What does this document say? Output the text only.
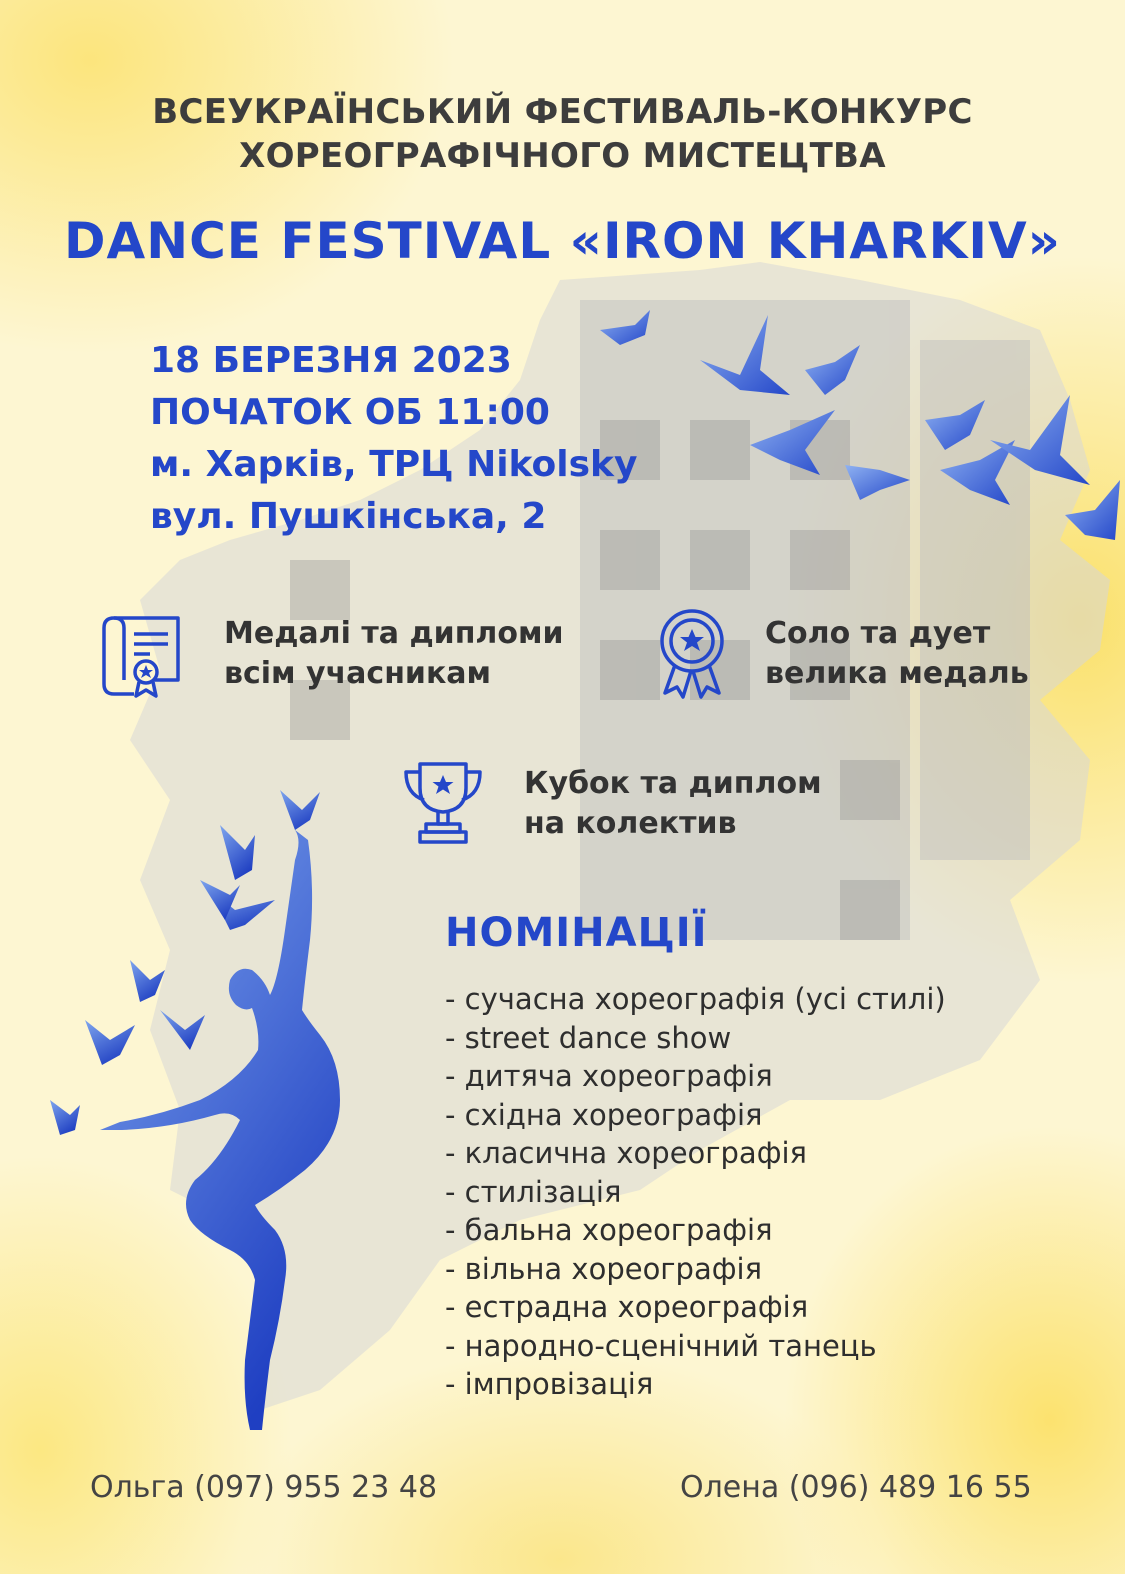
ВСЕУКРАЇНСЬКИЙ ФЕСТИВАЛЬ-КОНКУРС
ХОРЕОГРАФІЧНОГО МИСТЕЦТВА
DANCE FESTIVAL «IRON KHARKIV»
18 БЕРЕЗНЯ 2023
ПОЧАТОК ОБ 11:00
м. Харків, ТРЦ Nikolsky
вул. Пушкінська, 2
Медалі та дипломи
всім учасникам
Соло та дует
велика медаль
Кубок та диплом
на колектив
НОМІНАЦІЇ
- сучасна хореографія (усі стилі)
- street dance show
- дитяча хореографія
- східна хореографія
- класична хореографія
- стилізація
- бальна хореографія
- вільна хореографія
- естрадна хореографія
- народно-сценічний танець
- імпровізація
Ольга (097) 955 23 48	Олена (096) 489 16 55
